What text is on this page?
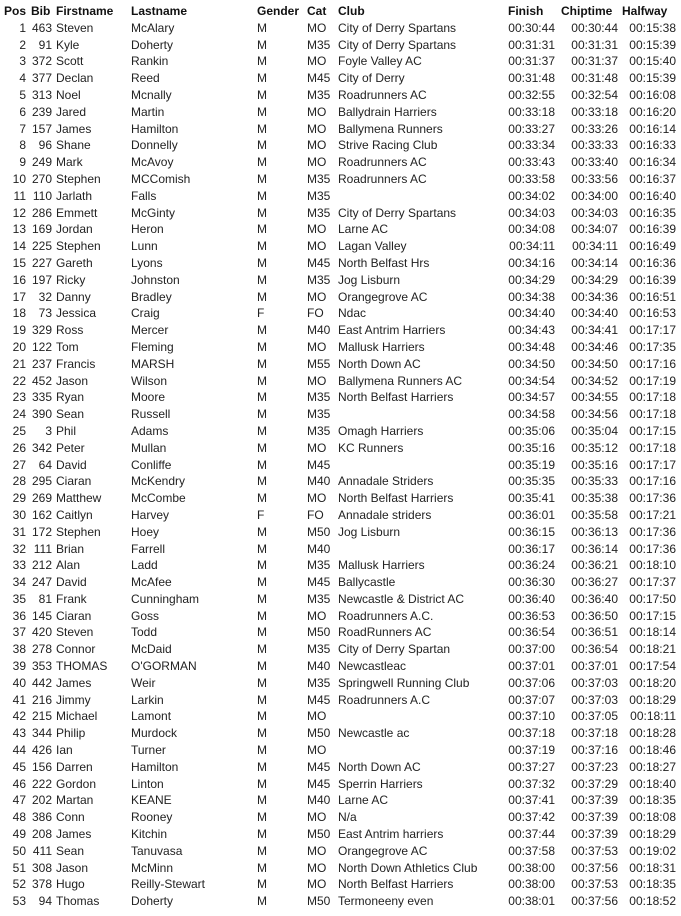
Pos	Bib	Firstname	Lastname	Gender	Cat	Club	Finish	Chiptime	Halfway
1	463	Steven	McAlary	M	MO	City of Derry Spartans	00:30:44	00:30:44	00:15:38
2	91	Kyle	Doherty	M	M35	City of Derry Spartans	00:31:31	00:31:31	00:15:39
3	372	Scott	Rankin	M	MO	Foyle Valley AC	00:31:37	00:31:37	00:15:40
4	377	Declan	Reed	M	M45	City of Derry	00:31:48	00:31:48	00:15:39
5	313	Noel	Mcnally	M	M35	Roadrunners AC	00:32:55	00:32:54	00:16:08
6	239	Jared	Martin	M	MO	Ballydrain Harriers	00:33:18	00:33:18	00:16:20
7	157	James	Hamilton	M	MO	Ballymena Runners	00:33:27	00:33:26	00:16:14
8	96	Shane	Donnelly	M	MO	Strive Racing Club	00:33:34	00:33:33	00:16:33
9	249	Mark	McAvoy	M	MO	Roadrunners AC	00:33:43	00:33:40	00:16:34
10	270	Stephen	MCComish	M	M35	Roadrunners AC	00:33:58	00:33:56	00:16:37
11	110	Jarlath	Falls	M	M35		00:34:02	00:34:00	00:16:40
12	286	Emmett	McGinty	M	M35	City of Derry Spartans	00:34:03	00:34:03	00:16:35
13	169	Jordan	Heron	M	MO	Larne AC	00:34:08	00:34:07	00:16:39
14	225	Stephen	Lunn	M	MO	Lagan Valley	00:34:11	00:34:11	00:16:49
15	227	Gareth	Lyons	M	M45	North Belfast Hrs	00:34:16	00:34:14	00:16:36
16	197	Ricky	Johnston	M	M35	Jog Lisburn	00:34:29	00:34:29	00:16:39
17	32	Danny	Bradley	M	MO	Orangegrove AC	00:34:38	00:34:36	00:16:51
18	73	Jessica	Craig	F	FO	Ndac	00:34:40	00:34:40	00:16:53
19	329	Ross	Mercer	M	M40	East Antrim Harriers	00:34:43	00:34:41	00:17:17
20	122	Tom	Fleming	M	MO	Mallusk Harriers	00:34:48	00:34:46	00:17:35
21	237	Francis	MARSH	M	M55	North Down AC	00:34:50	00:34:50	00:17:16
22	452	Jason	Wilson	M	MO	Ballymena Runners AC	00:34:54	00:34:52	00:17:19
23	335	Ryan	Moore	M	M35	North Belfast Harriers	00:34:57	00:34:55	00:17:18
24	390	Sean	Russell	M	M35		00:34:58	00:34:56	00:17:18
25	3	Phil	Adams	M	M35	Omagh Harriers	00:35:06	00:35:04	00:17:15
26	342	Peter	Mullan	M	MO	KC Runners	00:35:16	00:35:12	00:17:18
27	64	David	Conliffe	M	M45		00:35:19	00:35:16	00:17:17
28	295	Ciaran	McKendry	M	M40	Annadale Striders	00:35:35	00:35:33	00:17:16
29	269	Matthew	McCombe	M	MO	North Belfast Harriers	00:35:41	00:35:38	00:17:36
30	162	Caitlyn	Harvey	F	FO	Annadale striders	00:36:01	00:35:58	00:17:21
31	172	Stephen	Hoey	M	M50	Jog Lisburn	00:36:15	00:36:13	00:17:36
32	111	Brian	Farrell	M	M40		00:36:17	00:36:14	00:17:36
33	212	Alan	Ladd	M	M35	Mallusk Harriers	00:36:24	00:36:21	00:18:10
34	247	David	McAfee	M	M45	Ballycastle	00:36:30	00:36:27	00:17:37
35	81	Frank	Cunningham	M	M35	Newcastle & District AC	00:36:40	00:36:40	00:17:50
36	145	Ciaran	Goss	M	MO	Roadrunners A.C.	00:36:53	00:36:50	00:17:15
37	420	Steven	Todd	M	M50	RoadRunners AC	00:36:54	00:36:51	00:18:14
38	278	Connor	McDaid	M	M35	City of Derry Spartan	00:37:00	00:36:54	00:18:21
39	353	THOMAS	O'GORMAN	M	M40	Newcastleac	00:37:01	00:37:01	00:17:54
40	442	James	Weir	M	M35	Springwell Running Club	00:37:06	00:37:03	00:18:20
41	216	Jimmy	Larkin	M	M45	Roadrunners A.C	00:37:07	00:37:03	00:18:29
42	215	Michael	Lamont	M	MO		00:37:10	00:37:05	00:18:11
43	344	Philip	Murdock	M	M50	Newcastle ac	00:37:18	00:37:18	00:18:28
44	426	Ian	Turner	M	MO		00:37:19	00:37:16	00:18:46
45	156	Darren	Hamilton	M	M45	North Down AC	00:37:27	00:37:23	00:18:27
46	222	Gordon	Linton	M	M45	Sperrin Harriers	00:37:32	00:37:29	00:18:40
47	202	Martan	KEANE	M	M40	Larne AC	00:37:41	00:37:39	00:18:35
48	386	Conn	Rooney	M	MO	N/a	00:37:42	00:37:39	00:18:08
49	208	James	Kitchin	M	M50	East Antrim harriers	00:37:44	00:37:39	00:18:29
50	411	Sean	Tanuvasa	M	MO	Orangegrove AC	00:37:58	00:37:53	00:19:02
51	308	Jason	McMinn	M	MO	North Down Athletics Club	00:38:00	00:37:56	00:18:31
52	378	Hugo	Reilly-Stewart	M	MO	North Belfast Harriers	00:38:00	00:37:53	00:18:35
53	94	Thomas	Doherty	M	M50	Termoneeny even	00:38:01	00:37:56	00:18:52
